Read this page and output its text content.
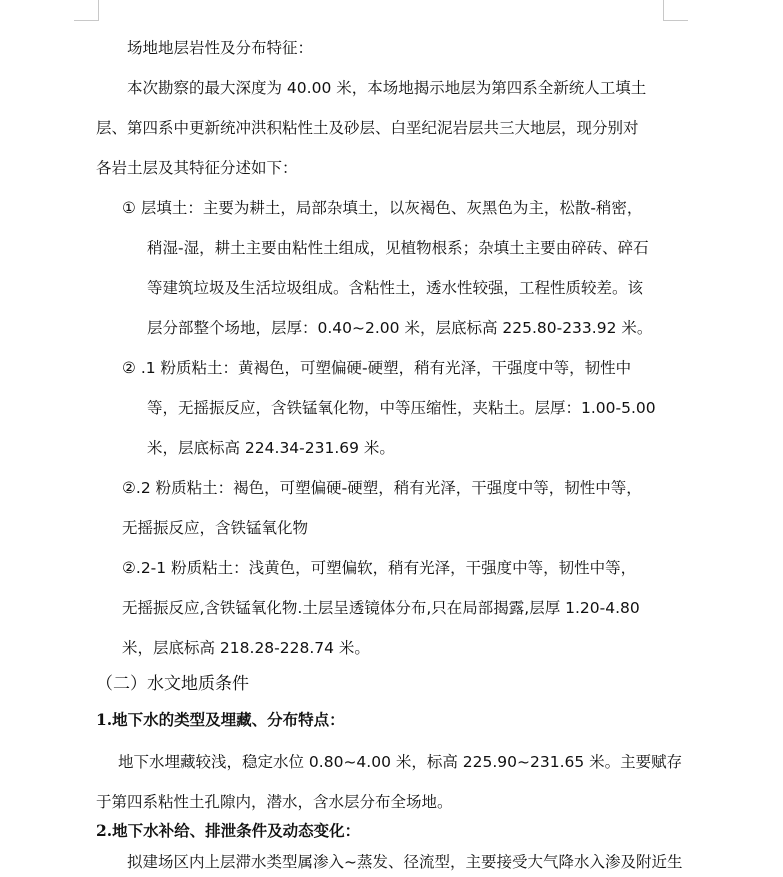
场地地层岩性及分布特征：
本次勘察的最大深度为 40.00 米，本场地揭示地层为第四系全新统人工填土
层、第四系中更新统冲洪积粘性土及砂层、白垩纪泥岩层共三大地层，现分别对
各岩土层及其特征分述如下：
① 层填土：主要为耕土，局部杂填土，以灰褐色、灰黑色为主，松散-稍密，
稍湿-湿，耕土主要由粘性土组成，见植物根系；杂填土主要由碎砖、碎石
等建筑垃圾及生活垃圾组成。含粘性土，透水性较强，工程性质较差。该
层分部整个场地，层厚：0.40~2.00 米，层底标高 225.80-233.92 米。
② .1 粉质粘土：黄褐色，可塑偏硬-硬塑，稍有光泽，干强度中等，韧性中
等，无摇振反应，含铁锰氧化物，中等压缩性，夹粘土。层厚：1.00-5.00
米，层底标高 224.34-231.69 米。
②.2 粉质粘土：褐色，可塑偏硬-硬塑，稍有光泽，干强度中等，韧性中等，
无摇振反应，含铁锰氧化物
②.2-1 粉质粘土：浅黄色，可塑偏软，稍有光泽，干强度中等，韧性中等，
无摇振反应,含铁锰氧化物.土层呈透镜体分布,只在局部揭露,层厚 1.20-4.80
米，层底标高 218.28-228.74 米。
（二）水文地质条件
1.地下水的类型及埋藏、分布特点：
地下水埋藏较浅，稳定水位 0.80~4.00 米，标高 225.90~231.65 米。主要赋存
于第四系粘性土孔隙内，潜水，含水层分布全场地。
2.地下水补给、排泄条件及动态变化：
拟建场区内上层滞水类型属渗入~蒸发、径流型，主要接受大气降水入渗及附近生
